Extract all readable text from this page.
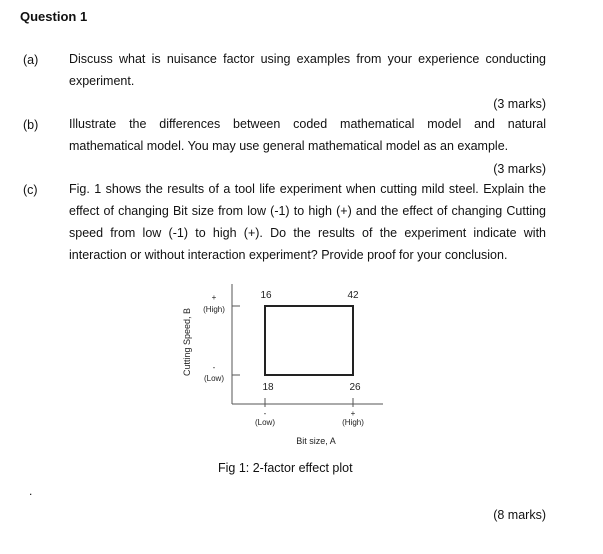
Question 1
(a) Discuss what is nuisance factor using examples from your experience conducting experiment.
(3 marks)
(b) Illustrate the differences between coded mathematical model and natural mathematical model. You may use general mathematical model as an example.
(3 marks)
(c)	Fig. 1 shows the results of a tool life experiment when cutting mild steel. Explain the effect of changing Bit size from low (-1) to high (+) and the effect of changing Cutting speed from low (-1) to high (+). Do the results of the experiment indicate with interaction or without interaction experiment? Provide proof for your conclusion.
16	42
18	26
+
(High)
-
(Low)
Cutting Speed, B
-
(Low)
+
(High)
Bit size, A
Fig 1: 2-factor effect plot
.
(8 marks)
